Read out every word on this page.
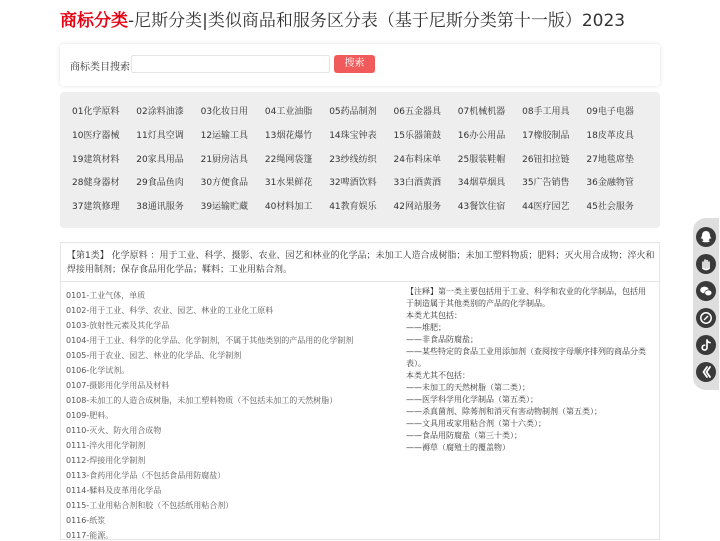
商标分类-尼斯分类|类似商品和服务区分表（基于尼斯分类第十一版）2023
商标类目搜索	搜索
01化学原料 02涂料油漆 03化妆日用 04工业油脂 05药品制剂 06五金器具 07机械机器 08手工用具 09电子电器
10医疗器械 11灯具空调 12运输工具 13烟花爆竹 14珠宝钟表 15乐器箫鼓 16办公用品 17橡胶制品 18皮革皮具
19建筑材料 20家具用品 21厨房洁具 22绳网袋篷 23纱线纺织 24布料床单 25服装鞋帽 26钮扣拉链 27地毯席垫
28健身器材 29食品鱼肉 30方便食品 31水果鲜花 32啤酒饮料 33白酒黄酒 34烟草烟具 35广告销售 36金融物管
37建筑修理 38通讯服务 39运输贮藏 40材料加工 41教育娱乐 42网站服务 43餐饮住宿 44医疗园艺 45社会服务
【第1类】 化学原料 ：用于工业、科学、摄影、农业、园艺和林业的化学品；未加工人造合成树脂；未加工塑料物质；肥料；灭火用合成物；淬火和焊接用制剂；保存食品用化学品；鞣料；工业用粘合剂。
【注释】第一类主要包括用于工业、科学和农业的化学制品，包括用于制造属于其他类别的产品的化学制品。
本类尤其包括：
——堆肥；
——非食品防腐盐；
——某些特定的食品工业用添加剂（查阅按字母顺序排列的商品分类表）。
本类尤其不包括：
——未加工的天然树脂（第二类）；
——医学科学用化学制品（第五类）；
——杀真菌剂、除莠剂和消灭有害动物制剂（第五类）；
——文具用或家用粘合剂（第十六类）；
——食品用防腐盐（第三十类）；
——褥草（腐殖土的覆盖物）
0101-工业气体，单质
0102-用于工业、科学、农业、园艺、林业的工业化工原料
0103-放射性元素及其化学品
0104-用于工业、科学的化学品、化学制剂，不属于其他类别的产品用的化学制剂
0105-用于农业、园艺、林业的化学品、化学制剂
0106-化学试剂。
0107-摄影用化学用品及材料
0108-未加工的人造合成树脂，未加工塑料物质（不包括未加工的天然树脂）
0109-肥料。
0110-灭火、防火用合成物
0111-淬火用化学制剂
0112-焊接用化学制剂
0113-食药用化学品（不包括食品用防腐盐）
0114-鞣料及皮革用化学品
0115-工业用粘合剂和胶（不包括纸用粘合剂）
0116-纸浆
0117-能源。
